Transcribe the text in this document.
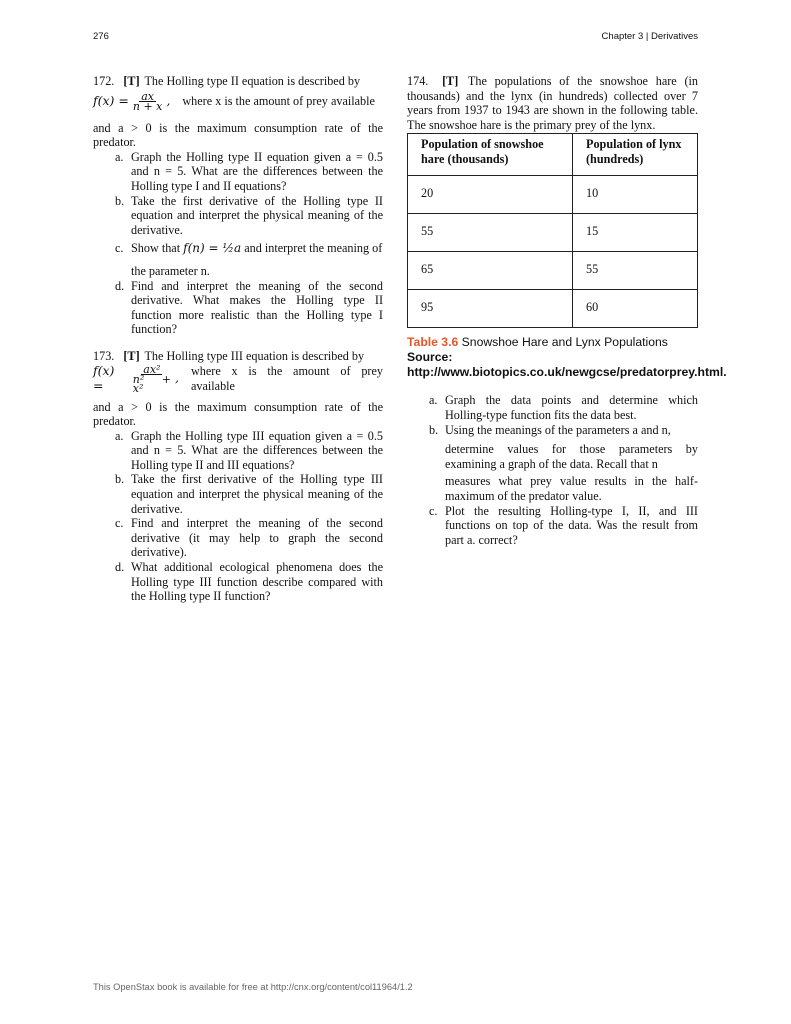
276	Chapter 3 | Derivatives
172. [T] The Holling type II equation is described by
$f(x) = \frac{ax}{n + x}$ , where x is the amount of prey available
and a > 0 is the maximum consumption rate of the predator.
a. Graph the Holling type II equation given a = 0.5 and n = 5. What are the differences between the Holling type I and II equations?
b. Take the first derivative of the Holling type II equation and interpret the physical meaning of the derivative.
c. Show that f(n) = ½a and interpret the meaning of
the parameter n.
d. Find and interpret the meaning of the second derivative. What makes the Holling type II function more realistic than the Holling type I function?
173. [T] The Holling type III equation is described by
f(x) =	$\frac{\text{ax²}}{\text{n² + x²}}$ , where x is the amount of prey available
and a > 0 is the maximum consumption rate of the predator.
a. Graph the Holling type III equation given a = 0.5 and n = 5. What are the differences between the Holling type II and III equations?
b. Take the first derivative of the Holling type III equation and interpret the physical meaning of the derivative.
c. Find and interpret the meaning of the second derivative (it may help to graph the second derivative).
d. What additional ecological phenomena does the Holling type III function describe compared with the Holling type II function?
174. [T] The populations of the snowshoe hare (in thousands) and the lynx (in hundreds) collected over 7 years from 1937 to 1943 are shown in the following table. The snowshoe hare is the primary prey of the lynx.
Population of snowshoe hare (thousands)	Population of lynx (hundreds)
20	10
55	15
65	55
95	60
Table 3.6 Snowshoe Hare and Lynx Populations Source: http://www.biotopics.co.uk/newgcse/predatorprey.html.
a. Graph the data points and determine which Holling-type function fits the data best.
b. Using the meanings of the parameters a and n,
determine values for those parameters by examining a graph of the data. Recall that n
measures what prey value results in the half-maximum of the predator value.
c. Plot the resulting Holling-type I, II, and III functions on top of the data. Was the result from part a. correct?
This OpenStax book is available for free at http://cnx.org/content/col11964/1.2
